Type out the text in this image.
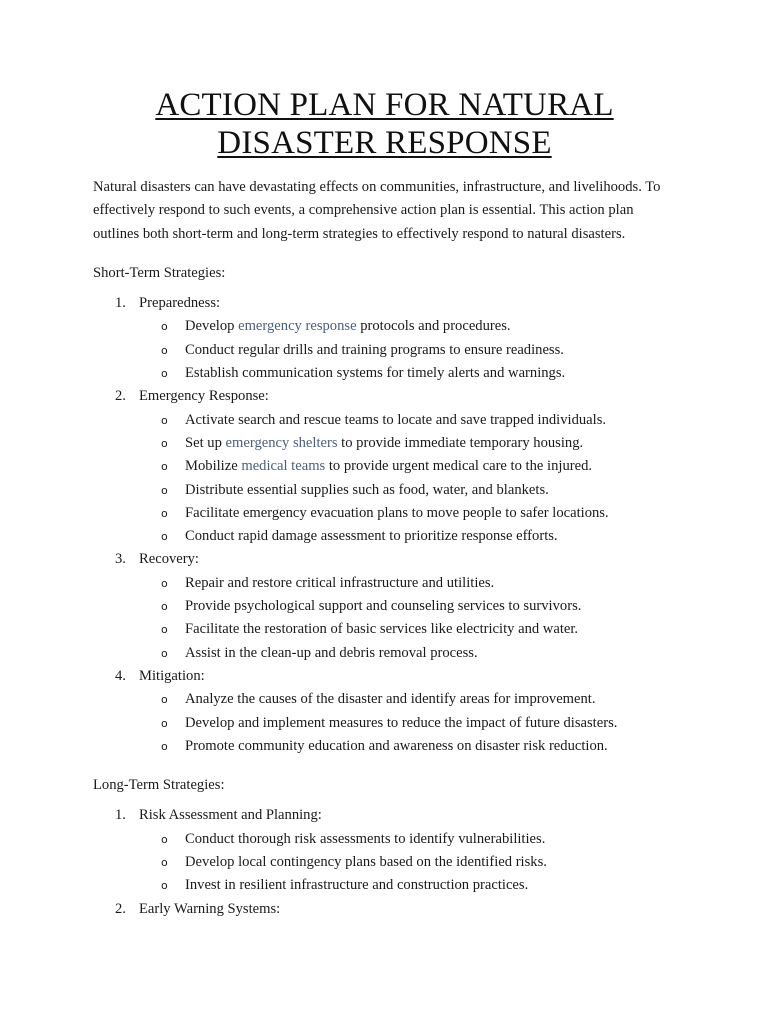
ACTION PLAN FOR NATURAL
DISASTER RESPONSE

Natural disasters can have devastating effects on communities, infrastructure, and livelihoods. To effectively respond to such events, a comprehensive action plan is essential. This action plan outlines both short-term and long-term strategies to effectively respond to natural disasters.

Short-Term Strategies:

1. Preparedness:
o Develop emergency response protocols and procedures.
o Conduct regular drills and training programs to ensure readiness.
o Establish communication systems for timely alerts and warnings.
2. Emergency Response:
o Activate search and rescue teams to locate and save trapped individuals.
o Set up emergency shelters to provide immediate temporary housing.
o Mobilize medical teams to provide urgent medical care to the injured.
o Distribute essential supplies such as food, water, and blankets.
o Facilitate emergency evacuation plans to move people to safer locations.
o Conduct rapid damage assessment to prioritize response efforts.
3. Recovery:
o Repair and restore critical infrastructure and utilities.
o Provide psychological support and counseling services to survivors.
o Facilitate the restoration of basic services like electricity and water.
o Assist in the clean-up and debris removal process.
4. Mitigation:
o Analyze the causes of the disaster and identify areas for improvement.
o Develop and implement measures to reduce the impact of future disasters.
o Promote community education and awareness on disaster risk reduction.

Long-Term Strategies:

1. Risk Assessment and Planning:
o Conduct thorough risk assessments to identify vulnerabilities.
o Develop local contingency plans based on the identified risks.
o Invest in resilient infrastructure and construction practices.
2. Early Warning Systems:
